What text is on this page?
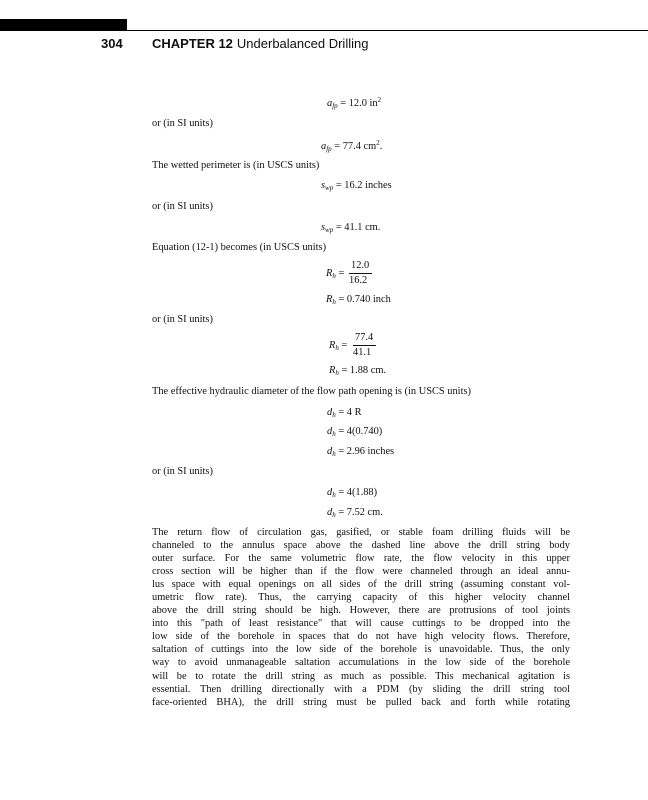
304 CHAPTER 12 Underbalanced Drilling
$a_{fp} = 12.0$ $in^2$
or (in SI units)
$a_{fp} = 77.4$ $cm^2$.
The wetted perimeter is (in USCS units)
$s_{wp} = 16.2$ inches
or (in SI units)
$s_{wp} = 41.1$ cm.
Equation (12-1) becomes (in USCS units)
$R_h$ =
12.0
16.2
$R_h = 0.740$ inch
or (in SI units)
$R_h$ =
77.4
41.1
$R_h = 1.88$ cm.
The effective hydraulic diameter of the flow path opening is (in USCS units)
$d_h = 4$ R
$d_h = 4(0.740)$
$d_h = 2.96$ inches
or (in SI units)
$d_h = 4(1.88)$
$d_h = 7.52$ cm.
The return flow of circulation gas, gasified, or stable foam drilling fluids will be
channeled to the annulus space above the dashed line above the drill string body
outer surface. For the same volumetric flow rate, the flow velocity in this upper
cross section will be higher than if the flow were channeled through an ideal annu-
lus space with equal openings on all sides of the drill string (assuming constant vol-
umetric flow rate). Thus, the carrying capacity of this higher velocity channel
above the drill string should be high. However, there are protrusions of tool joints
into this "path of least resistance" that will cause cuttings to be dropped into the
low side of the borehole in spaces that do not have high velocity flows. Therefore,
saltation of cuttings into the low side of the borehole is unavoidable. Thus, the only
way to avoid unmanageable saltation accumulations in the low side of the borehole
will be to rotate the drill string as much as possible. This mechanical agitation is
essential. Then drilling directionally with a PDM (by sliding the drill string tool
face-oriented BHA), the drill string must be pulled back and forth while rotating
